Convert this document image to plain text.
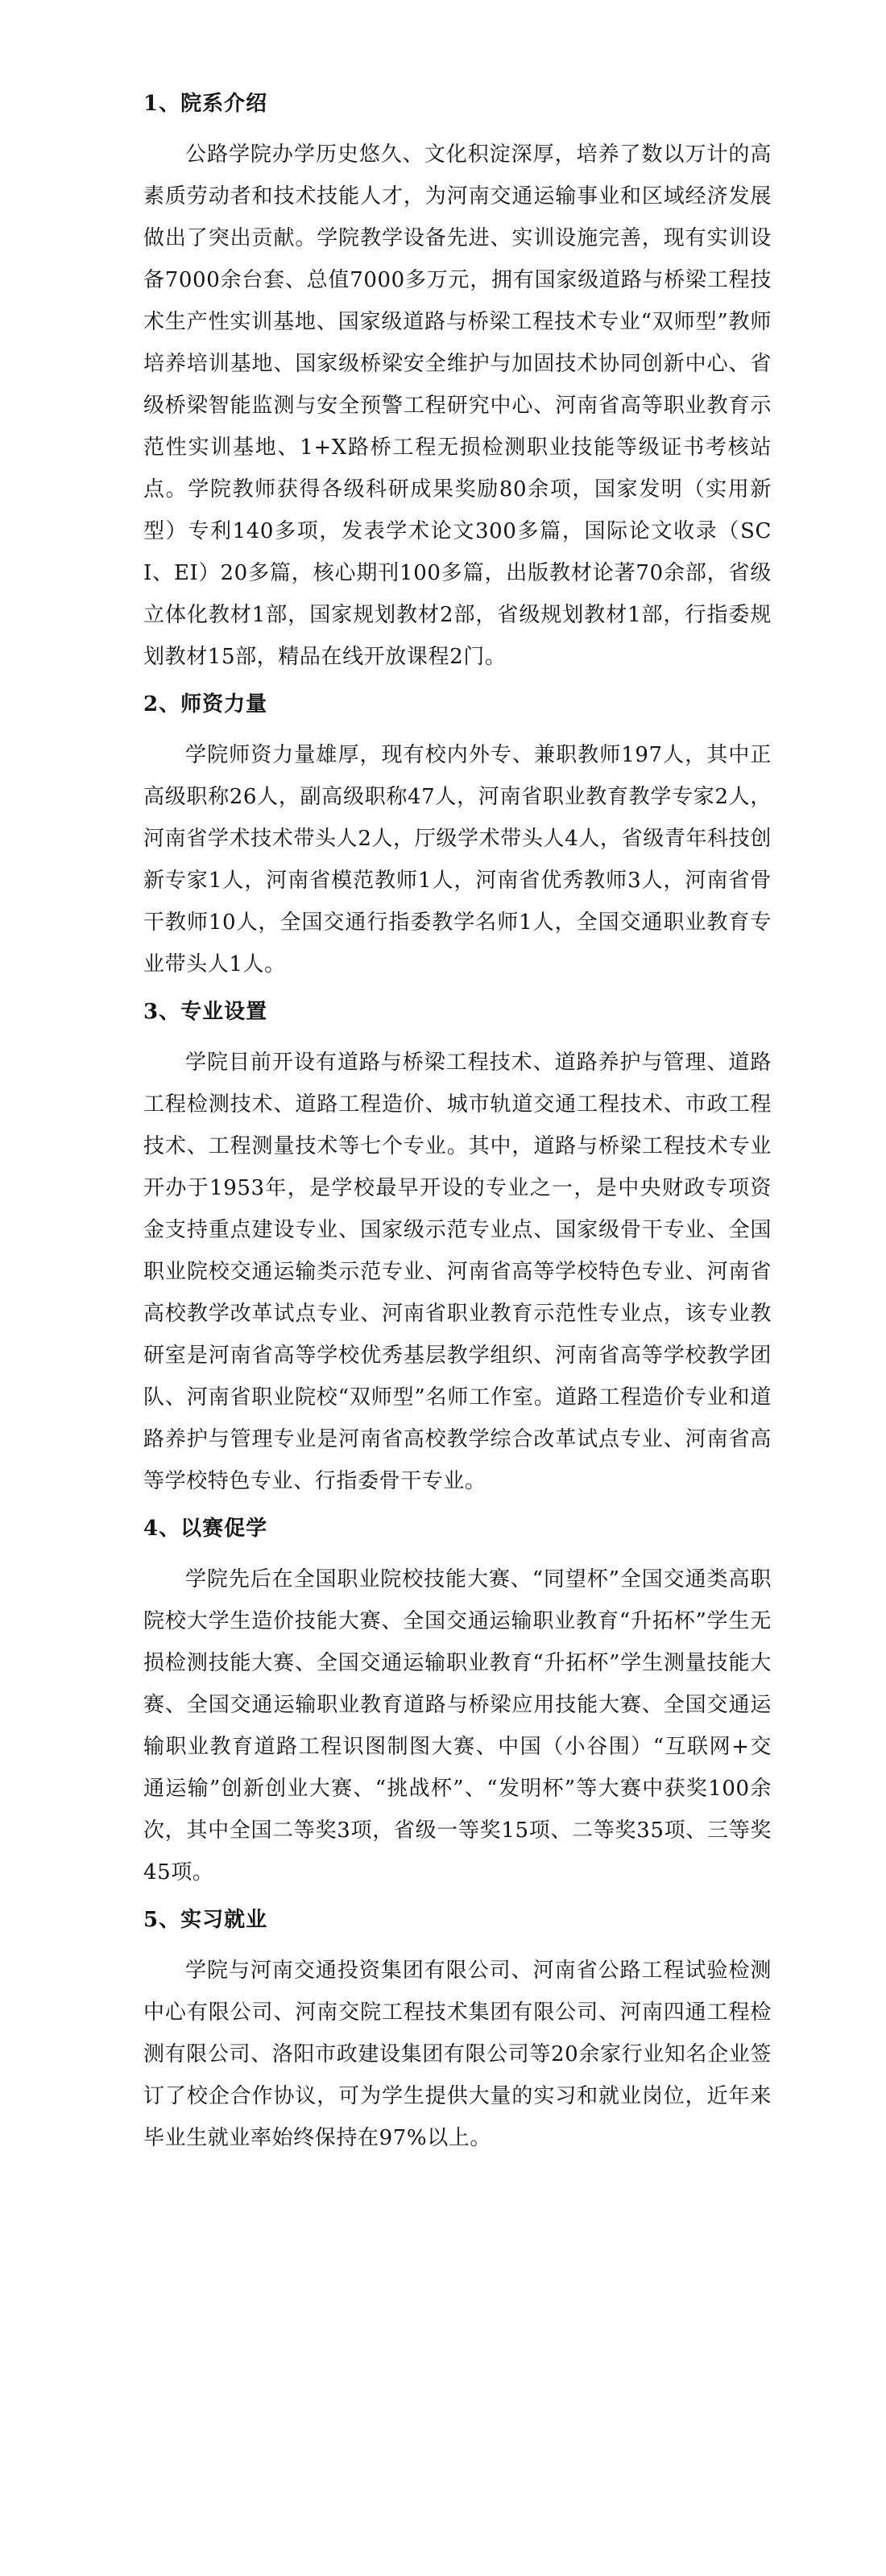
1、院系介绍

公路学院办学历史悠久、文化积淀深厚，培养了数以万计的高素质劳动者和技术技能人才，为河南交通运输事业和区域经济发展做出了突出贡献。学院教学设备先进、实训设施完善，现有实训设备7000余台套、总值7000多万元，拥有国家级道路与桥梁工程技术生产性实训基地、国家级道路与桥梁工程技术专业“双师型”教师培养培训基地、国家级桥梁安全维护与加固技术协同创新中心、省级桥梁智能监测与安全预警工程研究中心、河南省高等职业教育示范性实训基地、1+X路桥工程无损检测职业技能等级证书考核站点。学院教师获得各级科研成果奖励80余项，国家发明（实用新型）专利140多项，发表学术论文300多篇，国际论文收录（SCI、EI）20多篇，核心期刊100多篇，出版教材论著70余部，省级立体化教材1部，国家规划教材2部，省级规划教材1部，行指委规划教材15部，精品在线开放课程2门。

2、师资力量

学院师资力量雄厚，现有校内外专、兼职教师197人，其中正高级职称26人，副高级职称47人，河南省职业教育教学专家2人，河南省学术技术带头人2人，厅级学术带头人4人，省级青年科技创新专家1人，河南省模范教师1人，河南省优秀教师3人，河南省骨干教师10人，全国交通行指委教学名师1人，全国交通职业教育专业带头人1人。

3、专业设置

学院目前开设有道路与桥梁工程技术、道路养护与管理、道路工程检测技术、道路工程造价、城市轨道交通工程技术、市政工程技术、工程测量技术等七个专业。其中，道路与桥梁工程技术专业开办于1953年，是学校最早开设的专业之一，是中央财政专项资金支持重点建设专业、国家级示范专业点、国家级骨干专业、全国职业院校交通运输类示范专业、河南省高等学校特色专业、河南省高校教学改革试点专业、河南省职业教育示范性专业点，该专业教研室是河南省高等学校优秀基层教学组织、河南省高等学校教学团队、河南省职业院校“双师型”名师工作室。道路工程造价专业和道路养护与管理专业是河南省高校教学综合改革试点专业、河南省高等学校特色专业、行指委骨干专业。

4、以赛促学

学院先后在全国职业院校技能大赛、“同望杯”全国交通类高职院校大学生造价技能大赛、全国交通运输职业教育“升拓杯”学生无损检测技能大赛、全国交通运输职业教育“升拓杯”学生测量技能大赛、全国交通运输职业教育道路与桥梁应用技能大赛、全国交通运输职业教育道路工程识图制图大赛、中国（小谷围）“互联网+交通运输”创新创业大赛、“挑战杯”、“发明杯”等大赛中获奖100余次，其中全国二等奖3项，省级一等奖15项、二等奖35项、三等奖45项。

5、实习就业

学院与河南交通投资集团有限公司、河南省公路工程试验检测中心有限公司、河南交院工程技术集团有限公司、河南四通工程检测有限公司、洛阳市政建设集团有限公司等20余家行业知名企业签订了校企合作协议，可为学生提供大量的实习和就业岗位，近年来毕业生就业率始终保持在97%以上。
